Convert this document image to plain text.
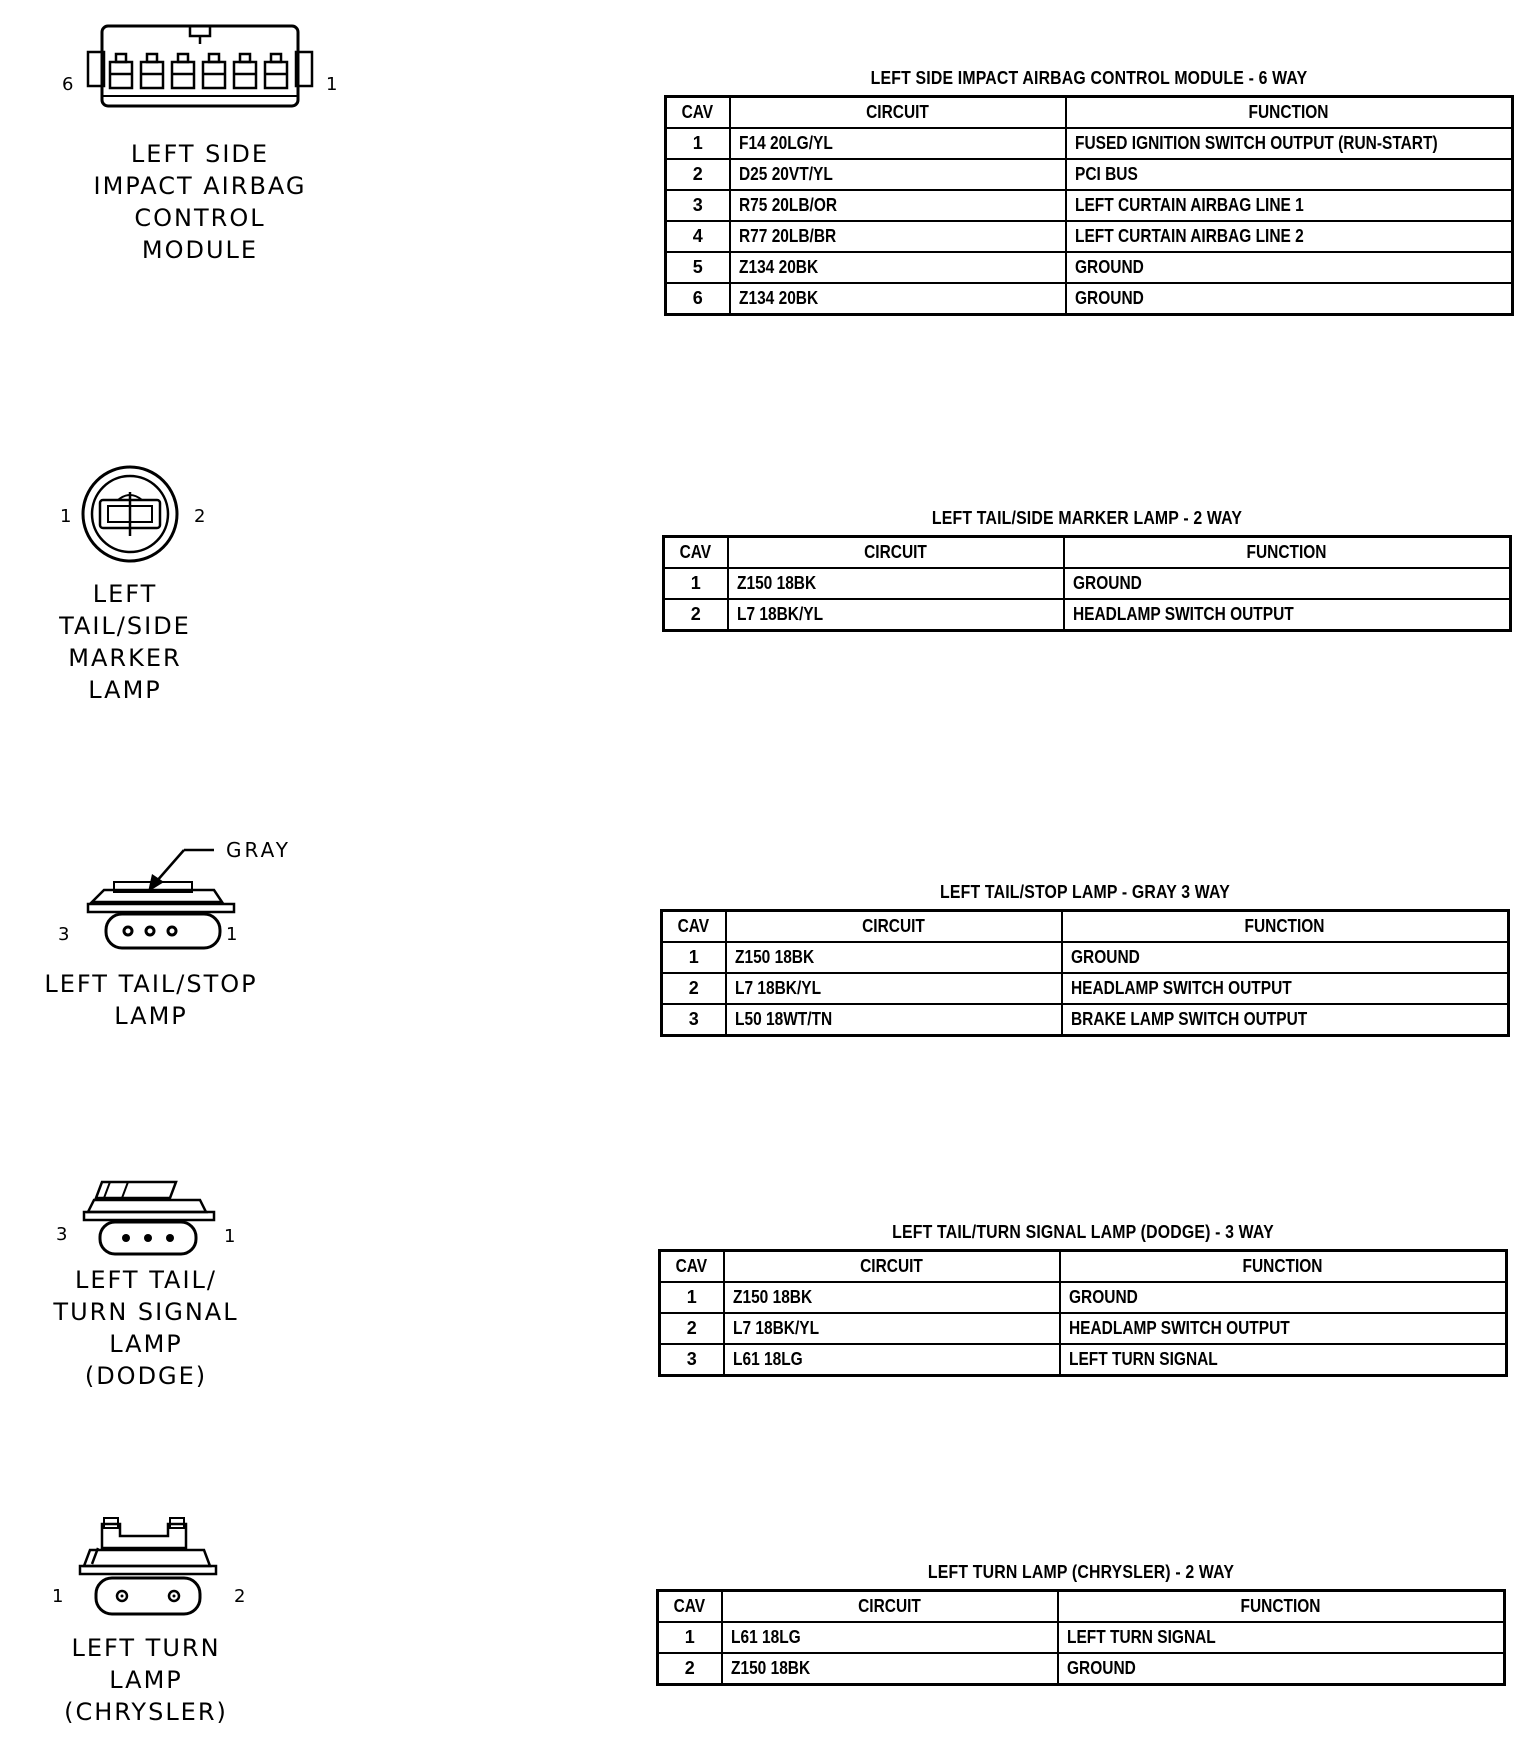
6	1
LEFT SIDE
IMPACT AIRBAG
CONTROL
MODULE
LEFT SIDE IMPACT AIRBAG CONTROL MODULE - 6 WAY
CAV	CIRCUIT	FUNCTION
1	F14 20LG/YL	FUSED IGNITION SWITCH OUTPUT (RUN-START)
2	D25 20VT/YL	PCI BUS
3	R75 20LB/OR	LEFT CURTAIN AIRBAG LINE 1
4	R77 20LB/BR	LEFT CURTAIN AIRBAG LINE 2
5	Z134 20BK	GROUND
6	Z134 20BK	GROUND
1	2
LEFT
TAIL/SIDE
MARKER
LAMP
LEFT TAIL/SIDE MARKER LAMP - 2 WAY
CAV	CIRCUIT	FUNCTION
1	Z150 18BK	GROUND
2	L7 18BK/YL	HEADLAMP SWITCH OUTPUT
GRAY
3	1
LEFT TAIL/STOP
LAMP
LEFT TAIL/STOP LAMP - GRAY 3 WAY
CAV	CIRCUIT	FUNCTION
1	Z150 18BK	GROUND
2	L7 18BK/YL	HEADLAMP SWITCH OUTPUT
3	L50 18WT/TN	BRAKE LAMP SWITCH OUTPUT
3	1
LEFT TAIL/
TURN SIGNAL
LAMP
(DODGE)
LEFT TAIL/TURN SIGNAL LAMP (DODGE) - 3 WAY
CAV	CIRCUIT	FUNCTION
1	Z150 18BK	GROUND
2	L7 18BK/YL	HEADLAMP SWITCH OUTPUT
3	L61 18LG	LEFT TURN SIGNAL
1	2
LEFT TURN
LAMP
(CHRYSLER)
LEFT TURN LAMP (CHRYSLER) - 2 WAY
CAV	CIRCUIT	FUNCTION
1	L61 18LG	LEFT TURN SIGNAL
2	Z150 18BK	GROUND
